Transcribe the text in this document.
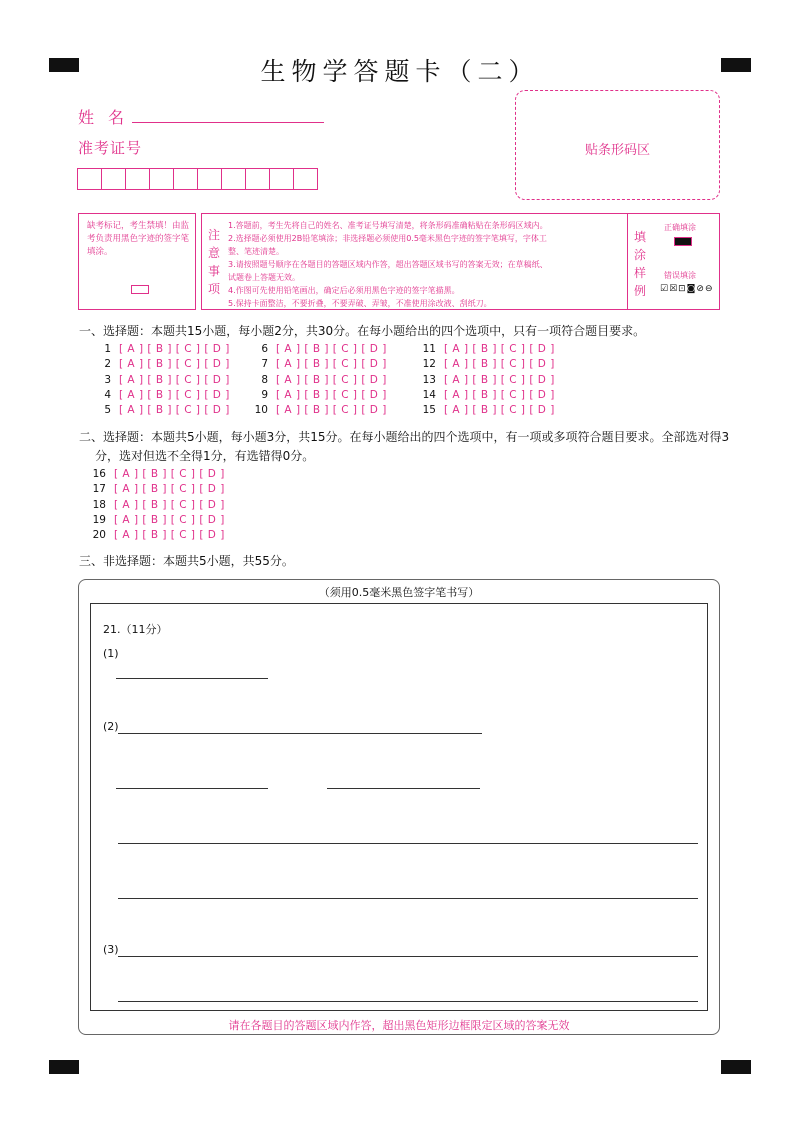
生物学答题卡（二）
姓名
准考证号	贴条形码区
缺考标记，考生禁填！由监考负责用黑色字迹的签字笔填涂。
注意事项
1.答题前，考生先将自己的姓名、准考证号填写清楚，将条形码准确粘贴在条形码区域内。
2.选择题必须使用2B铅笔填涂；非选择题必须使用0.5毫米黑色字迹的签字笔填写，字体工
整、笔迹清楚。
3.请按照题号顺序在各题目的答题区域内作答，超出答题区域书写的答案无效；在草稿纸、
试题卷上答题无效。
4.作图可先使用铅笔画出，确定后必须用黑色字迹的签字笔描黑。
5.保持卡面整洁，不要折叠，不要弄破、弄皱，不准使用涂改液、刮纸刀。
填涂样例
正确填涂
错误填涂
☑☒⊡◙⊘⊖
一、选择题：本题共15小题，每小题2分，共30分。在每小题给出的四个选项中，只有一项符合题目要求。
1 [ A ] [ B ] [ C ] [ D ]
2 [ A ] [ B ] [ C ] [ D ]
3 [ A ] [ B ] [ C ] [ D ]
4 [ A ] [ B ] [ C ] [ D ]
5 [ A ] [ B ] [ C ] [ D ]
6 [ A ] [ B ] [ C ] [ D ]
7 [ A ] [ B ] [ C ] [ D ]
8 [ A ] [ B ] [ C ] [ D ]
9 [ A ] [ B ] [ C ] [ D ]
10 [ A ] [ B ] [ C ] [ D ]
11 [ A ] [ B ] [ C ] [ D ]
12 [ A ] [ B ] [ C ] [ D ]
13 [ A ] [ B ] [ C ] [ D ]
14 [ A ] [ B ] [ C ] [ D ]
15 [ A ] [ B ] [ C ] [ D ]
16 [ A ] [ B ] [ C ] [ D ]
17 [ A ] [ B ] [ C ] [ D ]
18 [ A ] [ B ] [ C ] [ D ]
19 [ A ] [ B ] [ C ] [ D ]
20 [ A ] [ B ] [ C ] [ D ]
二、选择题：本题共5小题，每小题3分，共15分。在每小题给出的四个选项中，有一项或多项符合题目要求。全部选对得3
分，选对但选不全得1分，有选错得0分。
三、非选择题：本题共5小题，共55分。
（须用0.5毫米黑色签字笔书写）
21.（11分）
(1)
(2)
(3)
请在各题目的答题区域内作答，超出黑色矩形边框限定区域的答案无效
